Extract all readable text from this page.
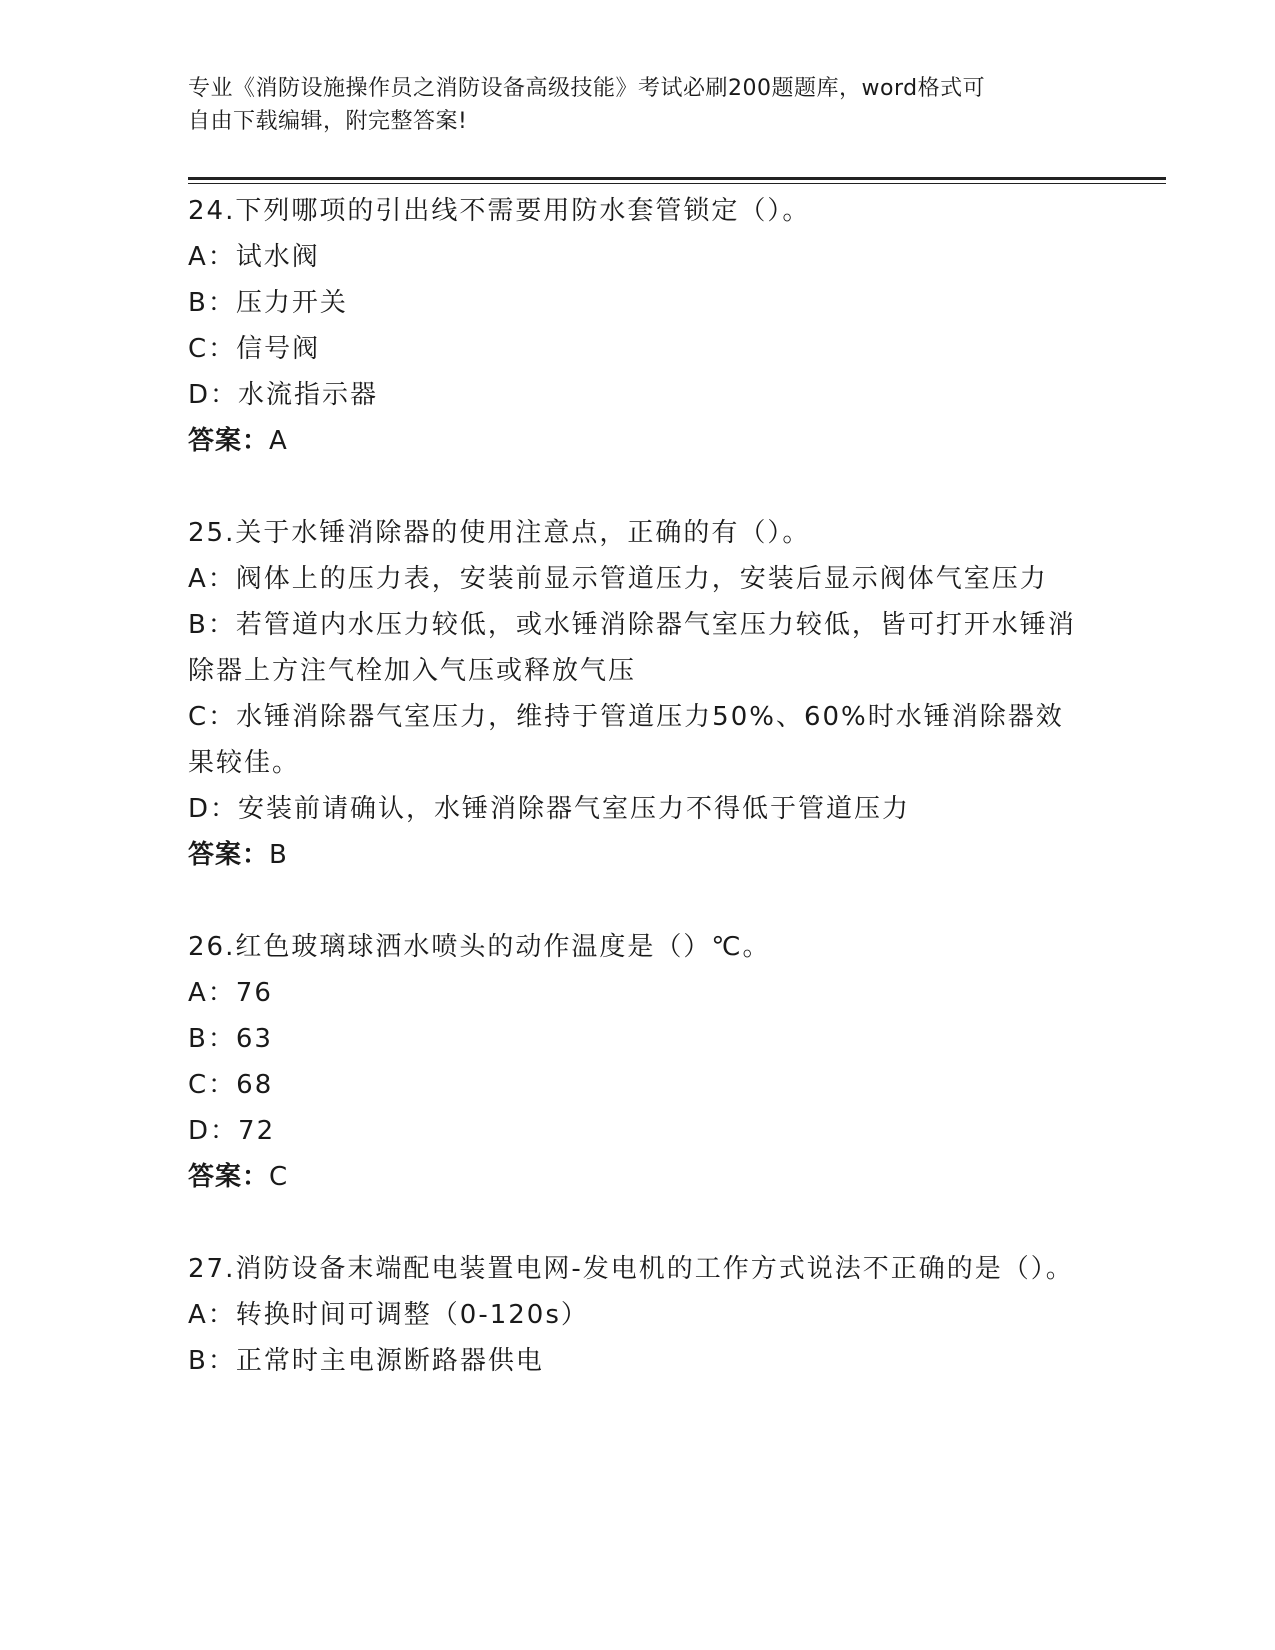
专业《消防设施操作员之消防设备高级技能》考试必刷200题题库，word格式可
自由下载编辑，附完整答案!
24.下列哪项的引出线不需要用防水套管锁定（）。
A：试水阀
B：压力开关
C：信号阀
D：水流指示器
答案：A
25.关于水锤消除器的使用注意点，正确的有（）。
A：阀体上的压力表，安装前显示管道压力，安装后显示阀体气室压力
B：若管道内水压力较低，或水锤消除器气室压力较低，皆可打开水锤消除器上方注气栓加入气压或释放气压
C：水锤消除器气室压力，维持于管道压力50%、60%时水锤消除器效果较佳。
D：安装前请确认，水锤消除器气室压力不得低于管道压力
答案：B
26.红色玻璃球洒水喷头的动作温度是（）℃。
A：76
B：63
C：68
D：72
答案：C
27.消防设备末端配电装置电网-发电机的工作方式说法不正确的是（）。
A：转换时间可调整（0-120s）
B：正常时主电源断路器供电
